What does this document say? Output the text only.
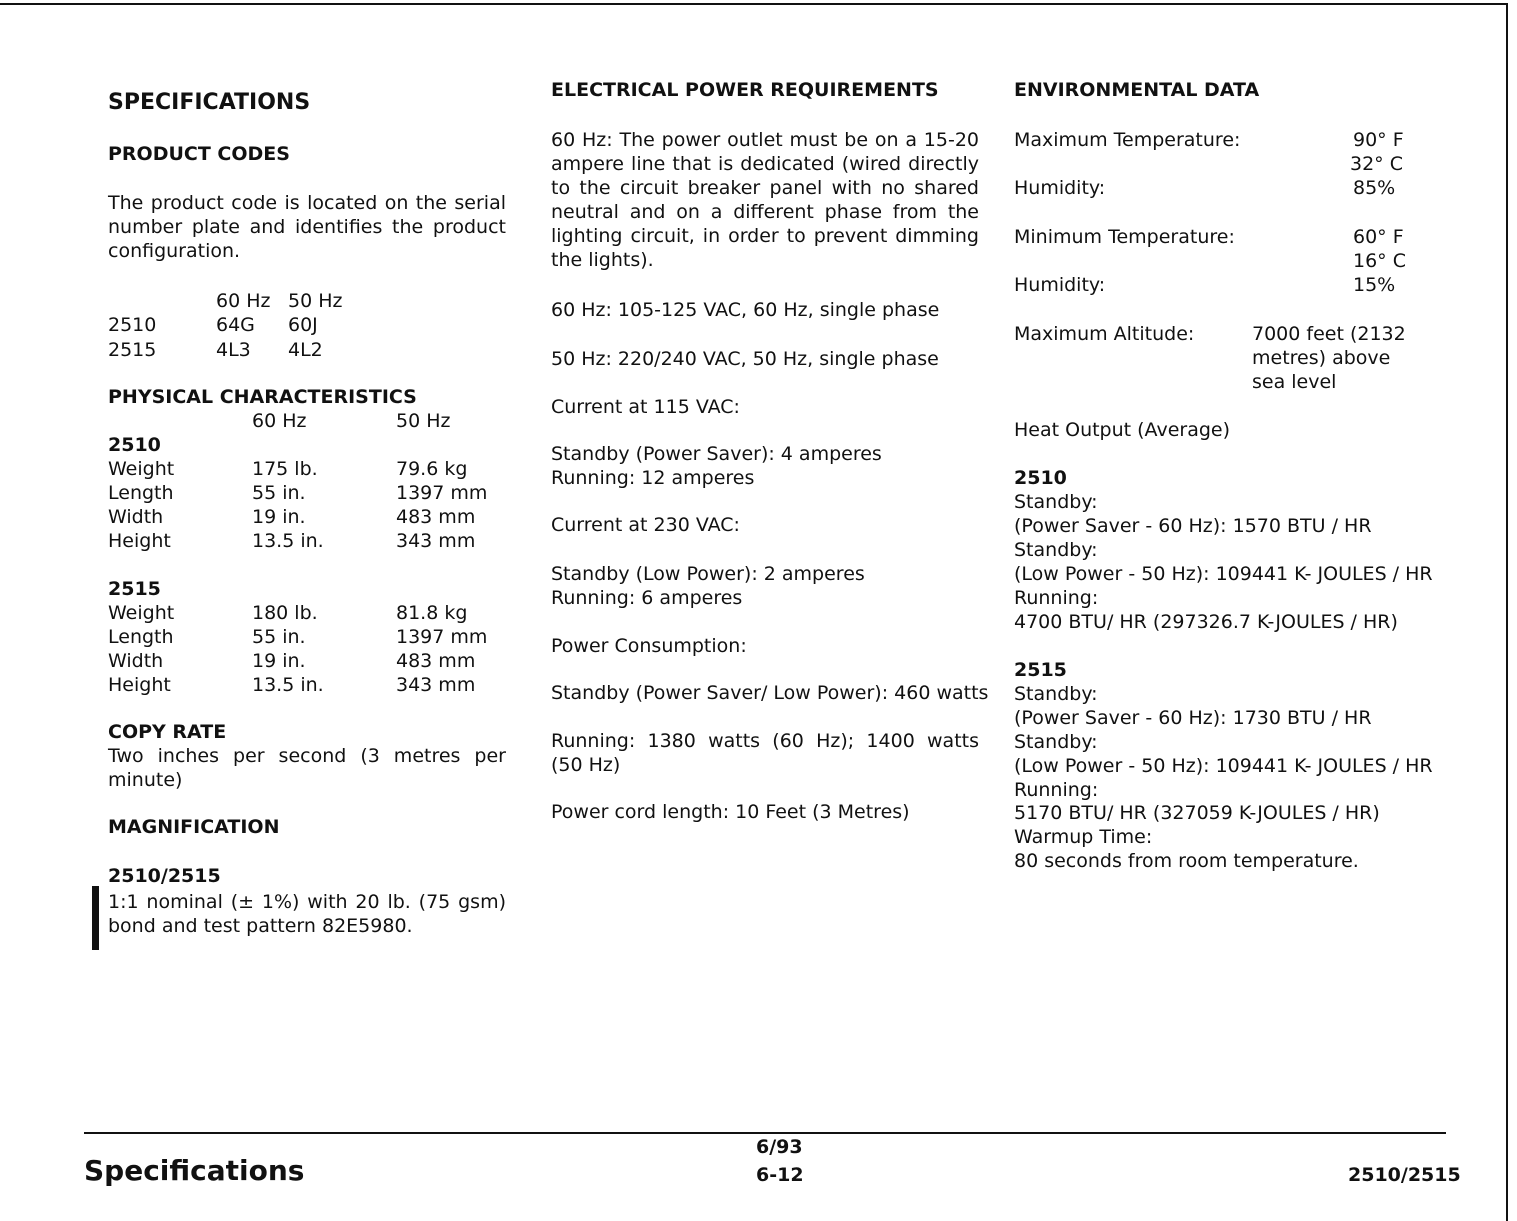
SPECIFICATIONS
PRODUCT CODES
The product code is located on the serial number plate and identifies the product configuration.
60 Hz 50 Hz
2510	64G 60J
2515	4L3 4L2
PHYSICAL CHARACTERISTICS
60 Hz	50 Hz
2510
Weight	175 lb.	79.6 kg
Length	55 in.	1397 mm
Width	19 in.	483 mm
Height	13.5 in.	343 mm
2515
Weight	180 lb.	81.8 kg
Length	55 in.	1397 mm
Width	19 in.	483 mm
Height	13.5 in.	343 mm
COPY RATE
Two inches per second (3 metres per minute)
MAGNIFICATION
2510/2515
1:1 nominal (± 1%) with 20 lb. (75 gsm) bond and test pattern 82E5980.
ELECTRICAL POWER REQUIREMENTS
60 Hz: The power outlet must be on a 15-20 ampere line that is dedicated (wired directly to the circuit breaker panel with no shared neutral and on a different phase from the lighting circuit, in order to prevent dimming the lights).
60 Hz: 105-125 VAC, 60 Hz, single phase
50 Hz: 220/240 VAC, 50 Hz, single phase
Current at 115 VAC:
Standby (Power Saver): 4 amperes
Running: 12 amperes
Current at 230 VAC:
Standby (Low Power): 2 amperes
Running: 6 amperes
Power Consumption:
Standby (Power Saver/ Low Power): 460 watts
Running: 1380 watts (60 Hz); 1400 watts (50 Hz)
Power cord length: 10 Feet (3 Metres)
ENVIRONMENTAL DATA
Maximum Temperature:	90° F
32° C
Humidity:	85%
Minimum Temperature:	60° F
16° C
Humidity:	15%
Maximum Altitude:	7000 feet (2132 metres) above sea level
Heat Output (Average)
2510
Standby:
(Power Saver - 60 Hz): 1570 BTU / HR
Standby:
(Low Power - 50 Hz): 109441 K- JOULES / HR
Running:
4700 BTU/ HR (297326.7 K-JOULES / HR)
2515
Standby:
(Power Saver - 60 Hz): 1730 BTU / HR
Standby:
(Low Power - 50 Hz): 109441 K- JOULES / HR
Running:
5170 BTU/ HR (327059 K-JOULES / HR)
Warmup Time:
80 seconds from room temperature.
Specifications
6/93
6-12	2510/2515
